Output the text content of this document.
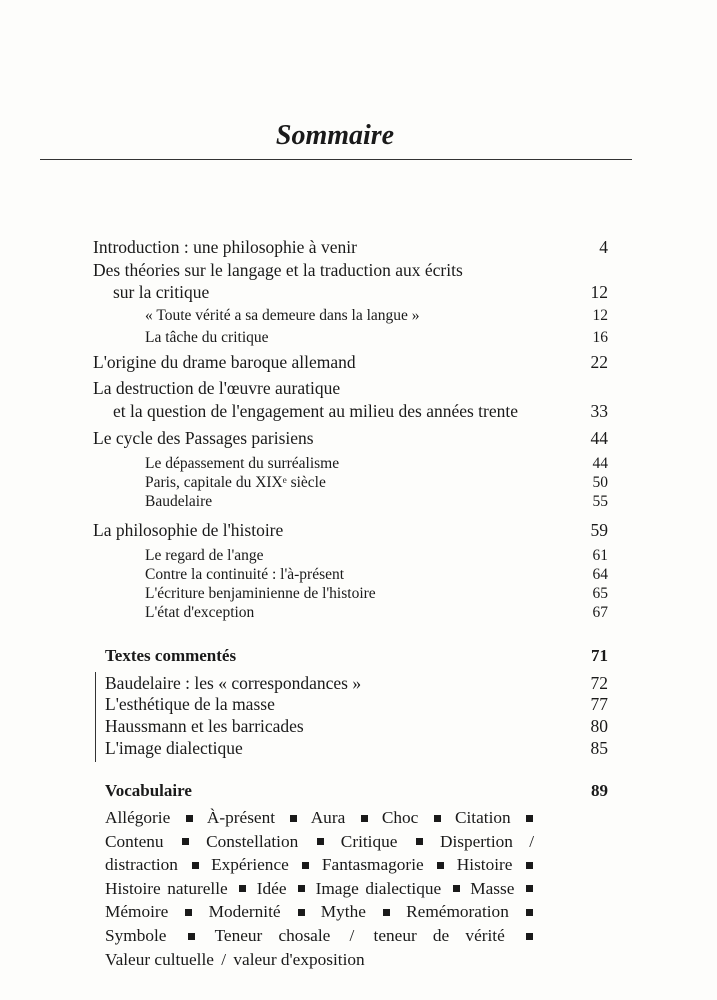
Sommaire
Introduction : une philosophie à venir	4
Des théories sur le langage et la traduction aux écrits
sur la critique	12
« Toute vérité a sa demeure dans la langue »	12
La tâche du critique	16
L'origine du drame baroque allemand	22
La destruction de l'œuvre auratique
et la question de l'engagement au milieu des années trente	33
Le cycle des Passages parisiens	44
Le dépassement du surréalisme	44
Paris, capitale du XIXᵉ siècle	50
Baudelaire	55
La philosophie de l'histoire	59
Le regard de l'ange	61
Contre la continuité : l'à-présent	64
L'écriture benjaminienne de l'histoire	65
L'état d'exception	67
Textes commentés	71
Baudelaire : les « correspondances »	72
L'esthétique de la masse	77
Haussmann et les barricades	80
L'image dialectique	85
Vocabulaire	89
Allégorie À-présent Aura Choc Citation  Contenu Constellation Critique Dispertion / distraction Expérience Fantasmagorie Histoire  Histoire naturelle Idée Image dialectique Masse  Mémoire Modernité Mythe Remémoration  Symbole	Teneur chosale / teneur de vérité  Valeur cultuelle / valeur d'exposition
